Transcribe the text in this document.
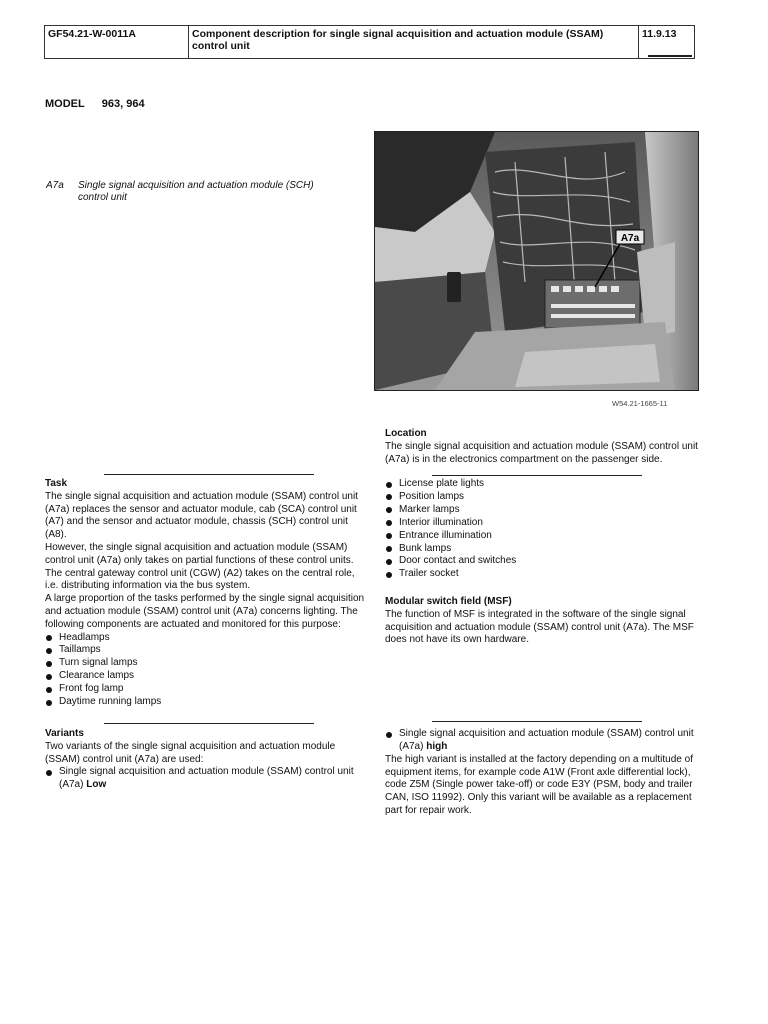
GF54.21-W-0011A	Component description for single signal acquisition and actuation module (SSAM) control unit
11.9.13
MODEL 963, 964
A7a Single signal acquisition and actuation module (SCH) control unit
A7a
W54.21-1665-11
Location
The single signal acquisition and actuation module (SSAM) control unit (A7a) is in the electronics compartment on the passenger side.
Task
The single signal acquisition and actuation module (SSAM) control unit (A7a) replaces the sensor and actuator module, cab (SCA) control unit (A7) and the sensor and actuator module, chassis (SCH) control unit (A8).
However, the single signal acquisition and actuation module (SSAM) control unit (A7a) only takes on partial functions of these control units. The central gateway control unit (CGW) (A2) takes on the central role, i.e. distributing information via the bus system.
A large proportion of the tasks performed by the single signal acquisition and actuation module (SSAM) control unit (A7a) concerns lighting. The following components are actuated and monitored for this purpose:
Headlamps
Taillamps
Turn signal lamps
Clearance lamps
Front fog lamp
Daytime running lamps
License plate lights
Position lamps
Marker lamps
Interior illumination
Entrance illumination
Bunk lamps
Door contact and switches
Trailer socket
Modular switch field (MSF)
The function of MSF is integrated in the software of the single signal acquisition and actuation module (SSAM) control unit (A7a). The MSF does not have its own hardware.
Variants
Two variants of the single signal acquisition and actuation module (SSAM) control unit (A7a) are used:
Single signal acquisition and actuation module (SSAM) control unit (A7a) Low
Single signal acquisition and actuation module (SSAM) control unit (A7a) high
The high variant is installed at the factory depending on a multitude of equipment items, for example code A1W (Front axle differential lock), code Z5M (Single power take-off) or code E3Y (PSM, body and trailer CAN, ISO 11992). Only this variant will be available as a replacement part for repair work.
